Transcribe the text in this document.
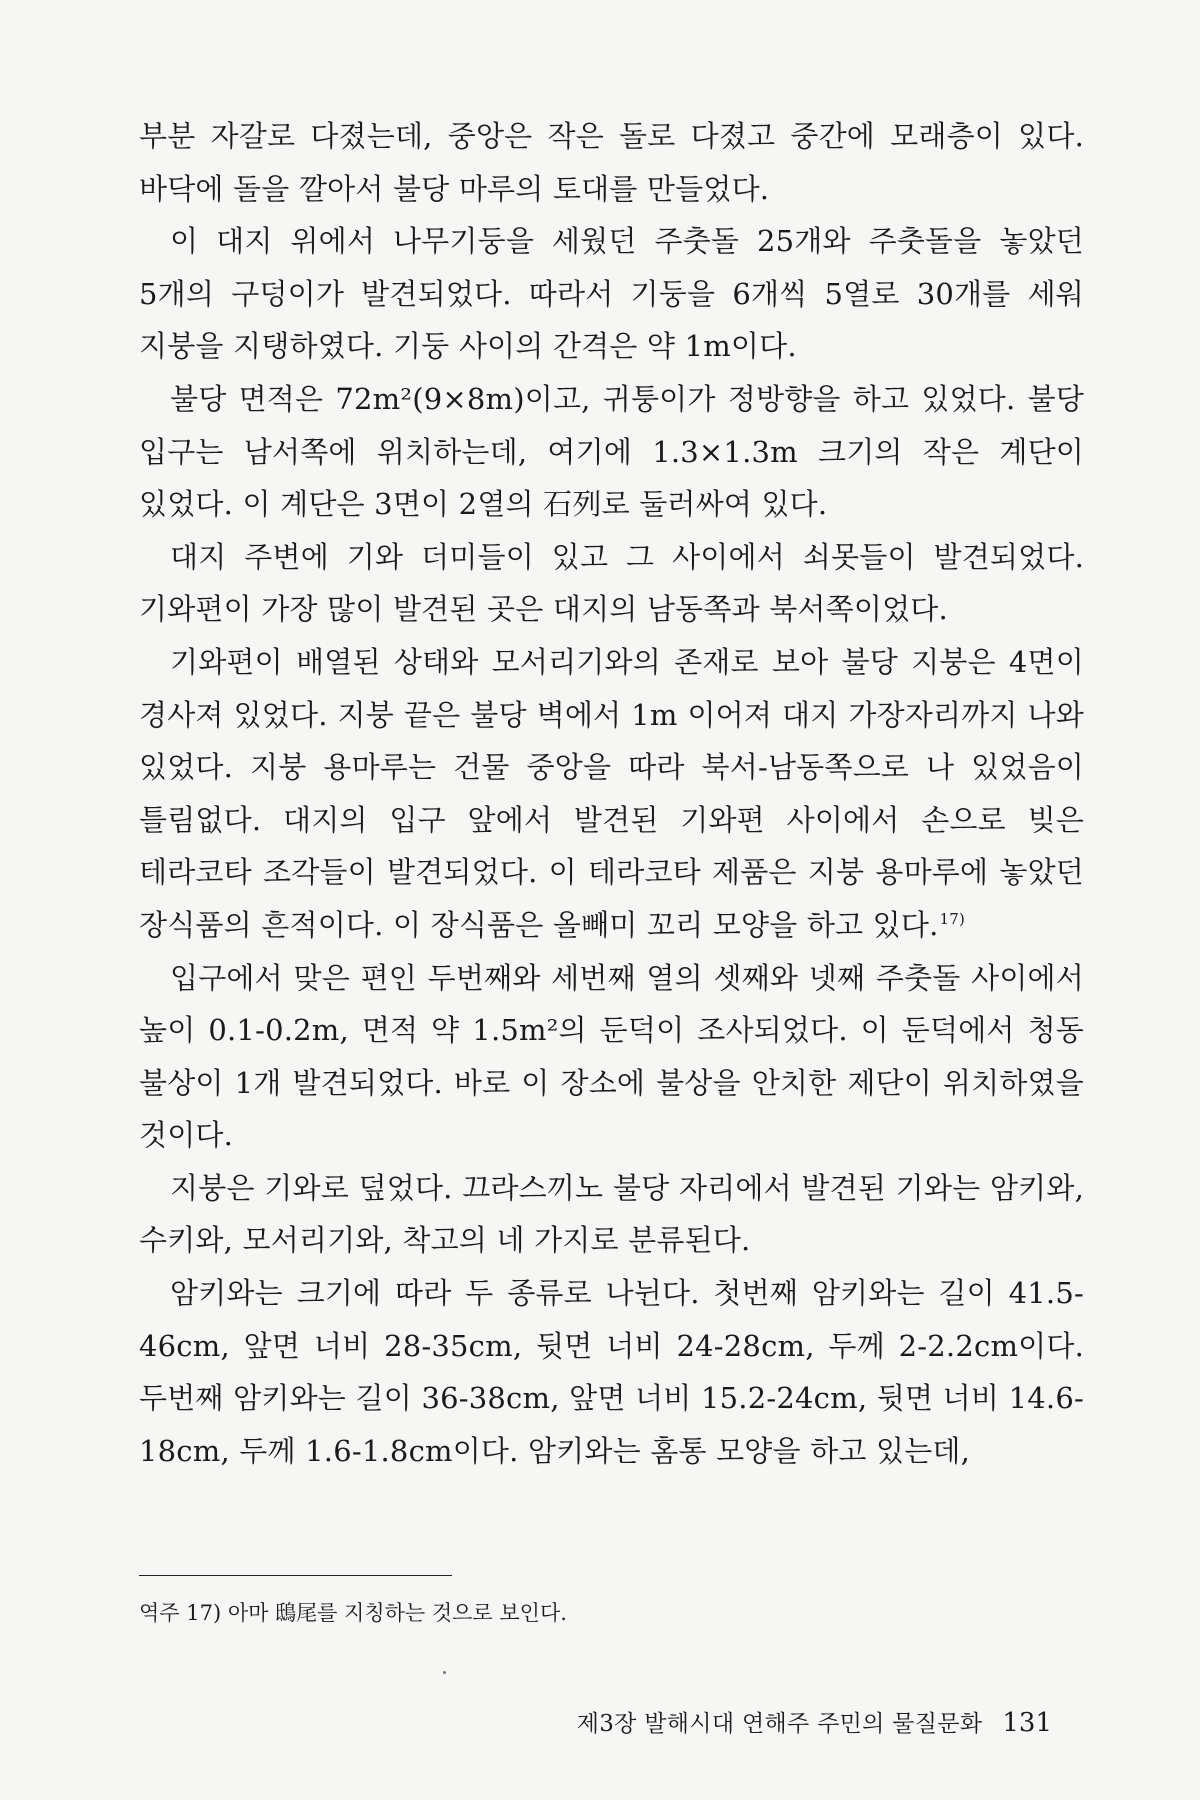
부분 자갈로 다졌는데, 중앙은 작은 돌로 다졌고 중간에 모래층이 있다. 바닥에 돌을 깔아서 불당 마루의 토대를 만들었다.

이 대지 위에서 나무기둥을 세웠던 주춧돌 25개와 주춧돌을 놓았던 5개의 구덩이가 발견되었다. 따라서 기둥을 6개씩 5열로 30개를 세워 지붕을 지탱하였다. 기둥 사이의 간격은 약 1m이다.

불당 면적은 72m²(9×8m)이고, 귀퉁이가 정방향을 하고 있었다. 불당 입구는 남서쪽에 위치하는데, 여기에 1.3×1.3m 크기의 작은 계단이 있었다. 이 계단은 3면이 2열의 石列로 둘러싸여 있다.

대지 주변에 기와 더미들이 있고 그 사이에서 쇠못들이 발견되었다. 기와편이 가장 많이 발견된 곳은 대지의 남동쪽과 북서쪽이었다.

기와편이 배열된 상태와 모서리기와의 존재로 보아 불당 지붕은 4면이 경사져 있었다. 지붕 끝은 불당 벽에서 1m 이어져 대지 가장자리까지 나와 있었다. 지붕 용마루는 건물 중앙을 따라 북서-남동쪽으로 나 있었음이 틀림없다. 대지의 입구 앞에서 발견된 기와편 사이에서 손으로 빚은 테라코타 조각들이 발견되었다. 이 테라코타 제품은 지붕 용마루에 놓았던 장식품의 흔적이다. 이 장식품은 올빼미 꼬리 모양을 하고 있다.$^{17)}$

입구에서 맞은 편인 두번째와 세번째 열의 셋째와 넷째 주춧돌 사이에서 높이 0.1-0.2m, 면적 약 1.5m²의 둔덕이 조사되었다. 이 둔덕에서 청동 불상이 1개 발견되었다. 바로 이 장소에 불상을 안치한 제단이 위치하였을 것이다.

지붕은 기와로 덮었다. 끄라스끼노 불당 자리에서 발견된 기와는 암키와, 수키와, 모서리기와, 착고의 네 가지로 분류된다.

암키와는 크기에 따라 두 종류로 나뉜다. 첫번째 암키와는 길이 41.5-46cm, 앞면 너비 28-35cm, 뒷면 너비 24-28cm, 두께 2-2.2cm이다. 두번째 암키와는 길이 36-38cm, 앞면 너비 15.2-24cm, 뒷면 너비 14.6-18cm, 두께 1.6-1.8cm이다. 암키와는 홈통 모양을 하고 있는데,

역주 17) 아마 鴟尾를 지칭하는 것으로 보인다.
제3장 발해시대 연해주 주민의 물질문화 131
